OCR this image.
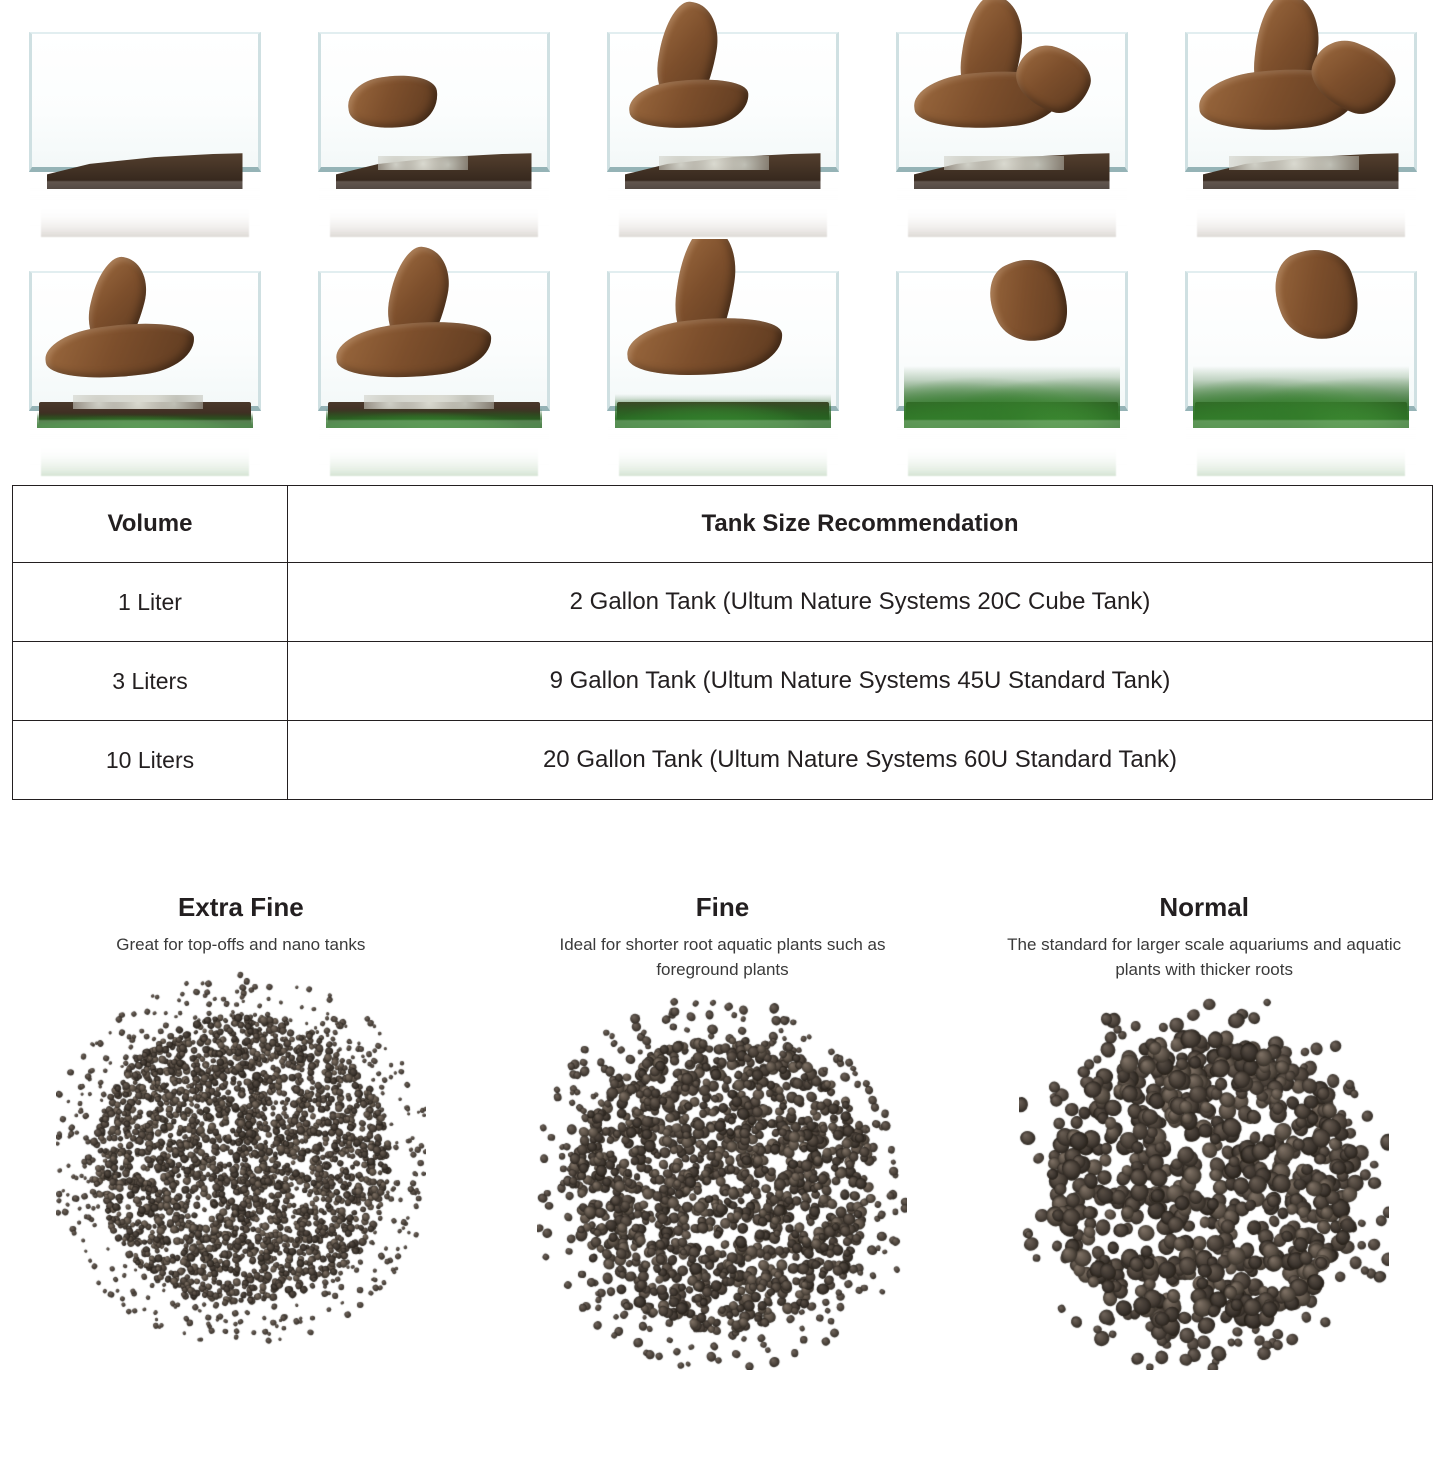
Volume	Tank Size Recommendation
1 Liter	2 Gallon Tank (Ultum Nature Systems 20C Cube Tank)
3 Liters	9 Gallon Tank (Ultum Nature Systems 45U Standard Tank)
10 Liters	20 Gallon Tank (Ultum Nature Systems 60U Standard Tank)
Extra Fine
Great for top-offs and nano tanks
Fine
Ideal for shorter root aquatic plants such as foreground plants
Normal
The standard for larger scale aquariums and aquatic plants with thicker roots
